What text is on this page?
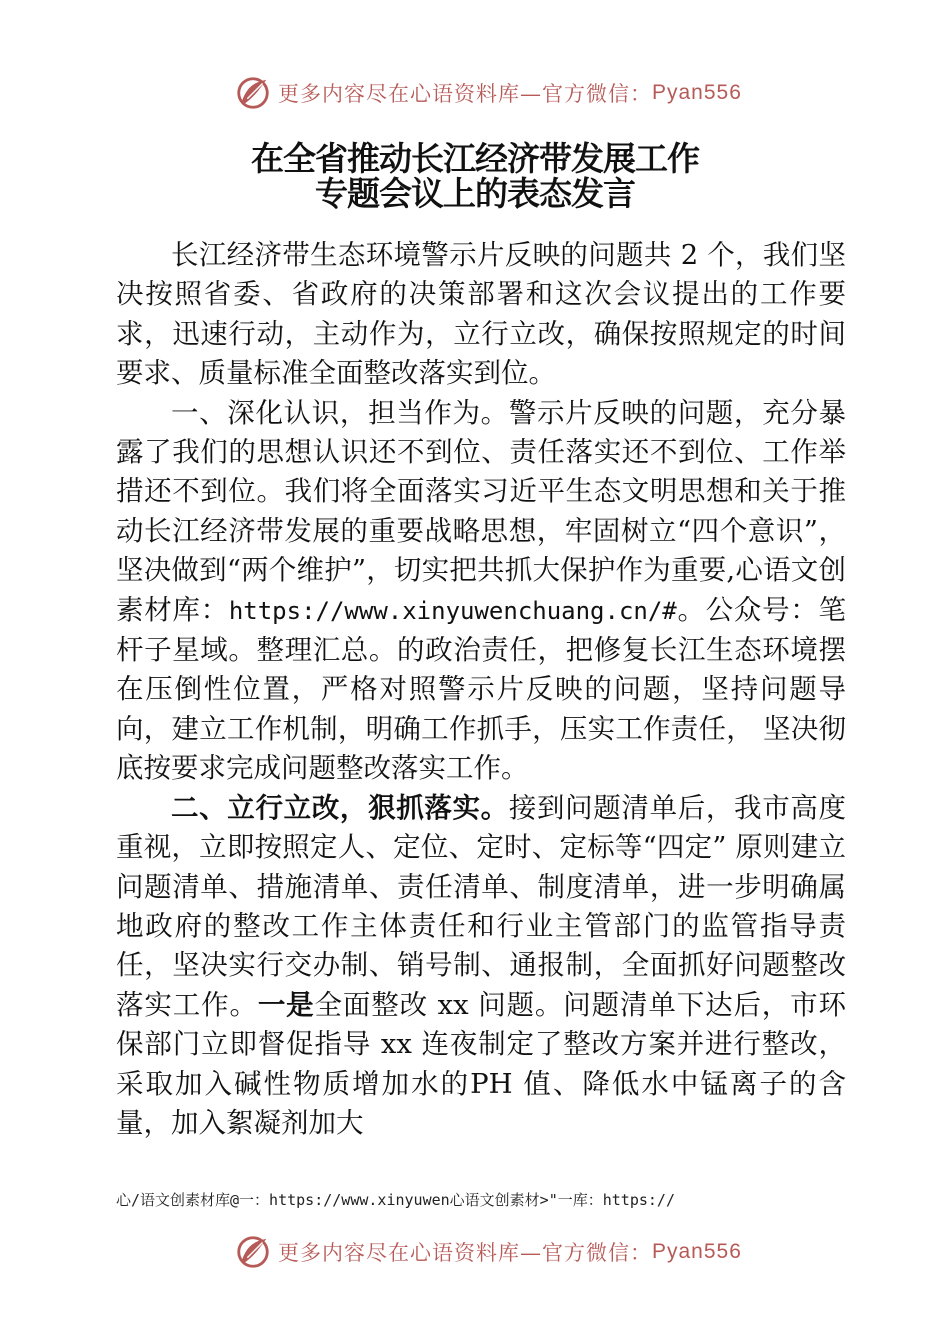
更多内容尽在心语资料库—官方微信： Pyan556
在全省推动长江经济带发展工作
专题会议上的表态发言

长江经济带生态环境警示片反映的问题共 2 个，我们坚决按照省委、省政府的决策部署和这次会议提出的工作要求，迅速行动，主动作为，立行立改，确保按照规定的时间要求、质量标准全面整改落实到位。

一、深化认识，担当作为。警示片反映的问题，充分暴露了我们的思想认识还不到位、责任落实还不到位、工作举措还不到位。我们将全面落实习近平生态文明思想和关于推动长江经济带发展的重要战略思想，牢固树立“四个意识”，坚决做到“两个维护”，切实把共抓大保护作为重要,心语文创素材库：https://www.xinyuwenchuang.cn/#。公众号：笔杆子星域。整理汇总。的政治责任，把修复长江生态环境摆在压倒性位置，严格对照警示片反映的问题，坚持问题导向，建立工作机制，明确工作抓手，压实工作责任， 坚决彻底按要求完成问题整改落实工作。

二、立行立改，狠抓落实。接到问题清单后，我市高度重视，立即按照定人、定位、定时、定标等“四定” 原则建立问题清单、措施清单、责任清单、制度清单，进一步明确属地政府的整改工作主体责任和行业主管部门的监管指导责任，坚决实行交办制、销号制、通报制，全面抓好问题整改落实工作。一是全面整改 xx 问题。问题清单下达后，市环保部门立即督促指导 xx 连夜制定了整改方案并进行整改，采取加入碱性物质增加水的PH 值、降低水中锰离子的含量，加入絮凝剂加大

心/语文创素材库@一：https://www.xinyuwen心语文创素材>"一库：https://
更多内容尽在心语资料库—官方微信： Pyan556
